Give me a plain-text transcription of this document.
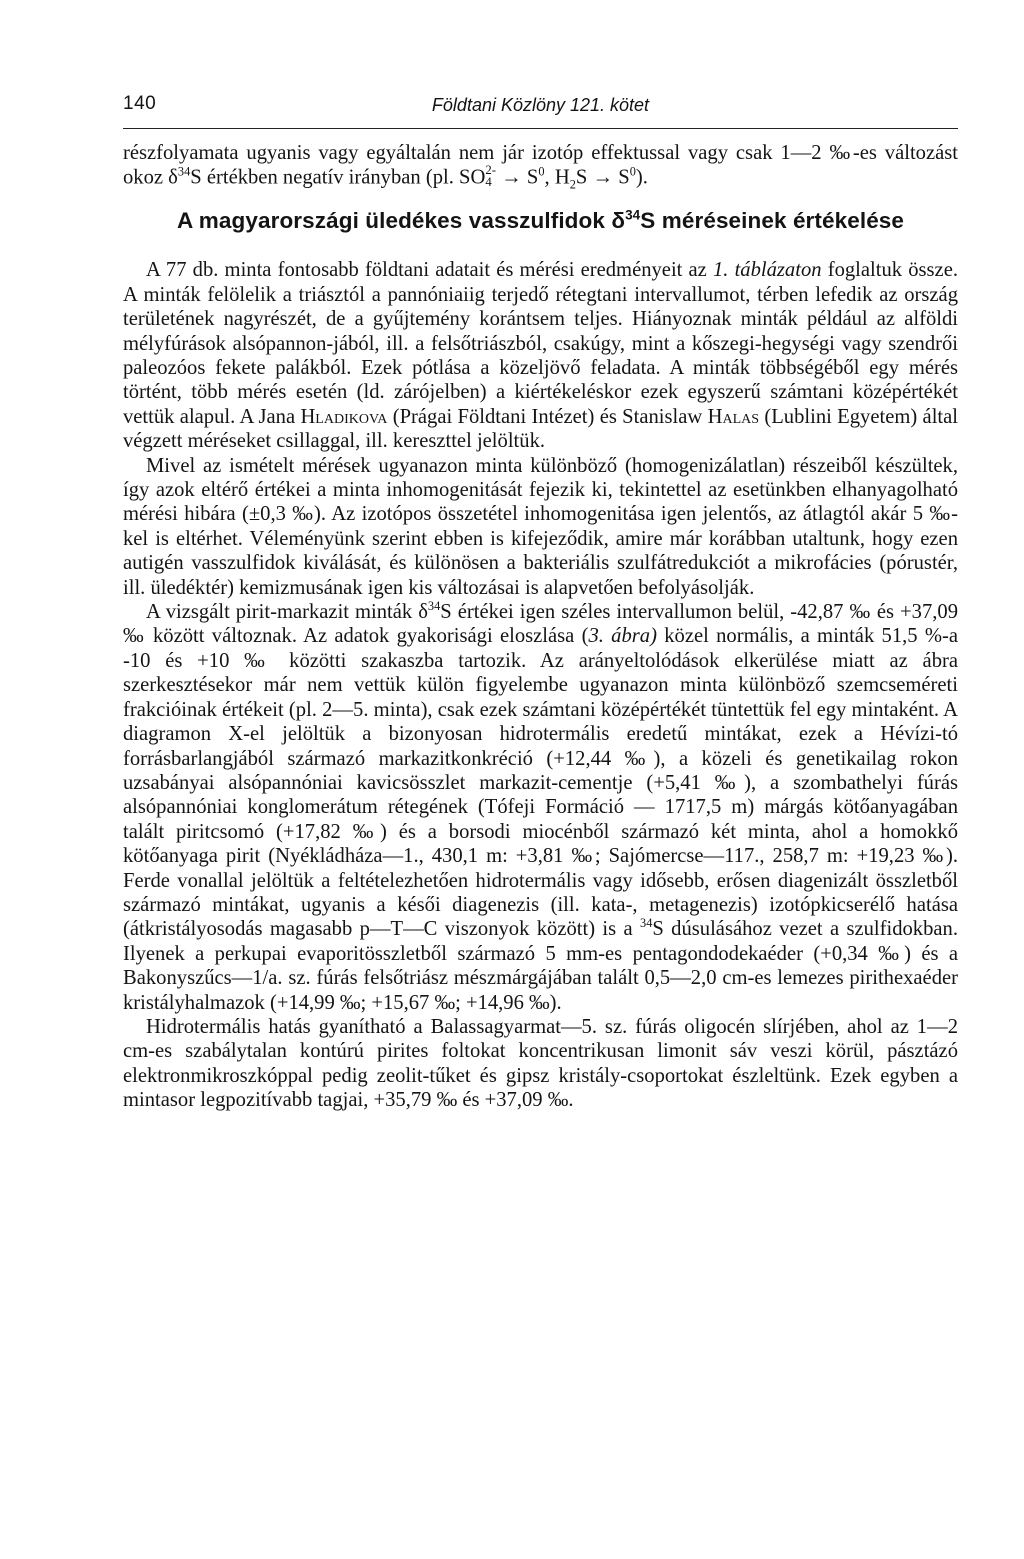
140	Földtani Közlöny 121. kötet

részfolyamata ugyanis vagy egyáltalán nem jár izotóp effektussal vagy csak 1—2 ‰-es változást okoz $\delta^{34}S$ értékben negatív irányban (pl. SO 2-
$4 \to S^0$, $H_2S \to S^0$).

A magyarországi üledékes vasszulfidok $\delta^{34}S$ méréseinek értékelése

A 77 db. minta fontosabb földtani adatait és mérési eredményeit az 1. táblázaton foglaltuk össze. A minták felölelik a triásztól a pannóniaiig terjedő rétegtani intervallumot, térben lefedik az ország területének nagyrészét, de a gyűjtemény korántsem teljes. Hiányoznak minták például az alföldi mélyfúrások alsópannon-jából, ill. a felsőtriászból, csakúgy, mint a kőszegi-hegységi vagy szendrői paleozóos fekete palákból. Ezek pótlása a közeljövő feladata. A minták többségéből egy mérés történt, több mérés esetén (ld. zárójelben) a kiértékeléskor ezek egyszerű számtani középértékét vettük alapul. A Jana Hladikova (Prágai Földtani Intézet) és Stanislaw Halas (Lublini Egyetem) által végzett méréseket csillaggal, ill. kereszttel jelöltük.

Mivel az ismételt mérések ugyanazon minta különböző (homogenizálatlan) részeiből készültek, így azok eltérő értékei a minta inhomogenitását fejezik ki, tekintettel az esetünkben elhanyagolható mérési hibára (±0,3 ‰). Az izotópos összetétel inhomogenitása igen jelentős, az átlagtól akár 5 ‰-kel is eltérhet. Véleményünk szerint ebben is kifejeződik, amire már korábban utaltunk, hogy ezen autigén vasszulfidok kiválását, és különösen a bakteriális szulfátredukciót a mikrofácies (pórustér, ill. üledéktér) kemizmusának igen kis változásai is alapvetően befolyásolják.

A vizsgált pirit-markazit minták $\delta^{34}S$ értékei igen széles intervallumon belül, -42,87 ‰ és +37,09 ‰ között változnak. Az adatok gyakorisági eloszlása (3. ábra) közel normális, a minták 51,5 %-a -10 és +10 ‰ közötti szakaszba tartozik. Az arányeltolódások elkerülése miatt az ábra szerkesztésekor már nem vettük külön figyelembe ugyanazon minta különböző szemcseméreti frakcióinak értékeit (pl. 2—5. minta), csak ezek számtani középértékét tüntettük fel egy mintaként. A diagramon X-el jelöltük a bizonyosan hidrotermális eredetű mintákat, ezek a Hévízi-tó forrásbarlangjából származó markazitkonkréció (+12,44 ‰), a közeli és genetikailag rokon uzsabányai alsópannóniai kavicsösszlet markazit-cementje (+5,41 ‰), a szombathelyi fúrás alsópannóniai konglomerátum rétegének (Tófeji Formáció — 1717,5 m) márgás kötőanyagában talált piritcsomó (+17,82 ‰) és a borsodi miocénből származó két minta, ahol a homokkő kötőanyaga pirit (Nyékládháza—1., 430,1 m: +3,81 ‰; Sajómercse—117., 258,7 m: +19,23 ‰). Ferde vonallal jelöltük a feltételezhetően hidrotermális vagy idősebb, erősen diagenizált összletből származó mintákat, ugyanis a késői diagenezis (ill. kata-, metagenezis) izotópkicserélő hatása (átkristályosodás magasabb p—T—C viszonyok között) is a $^{34}$S dúsulásához vezet a szulfidokban. Ilyenek a perkupai evaporitösszletből származó 5 mm-es pentagondodekaéder (+0,34 ‰) és a Bakonyszűcs—1/a. sz. fúrás felsőtriász mészmárgájában talált 0,5—2,0 cm-es lemezes pirithexaéder kristályhalmazok (+14,99 ‰; +15,67 ‰; +14,96 ‰).

Hidrotermális hatás gyanítható a Balassagyarmat—5. sz. fúrás oligocén slírjében, ahol az 1—2 cm-es szabálytalan kontúrú pirites foltokat koncentrikusan limonit sáv veszi körül, pásztázó elektronmikroszkóppal pedig zeolit-tűket és gipsz kristály-csoportokat észleltünk. Ezek egyben a mintasor legpozitívabb tagjai, +35,79 ‰ és +37,09 ‰.
